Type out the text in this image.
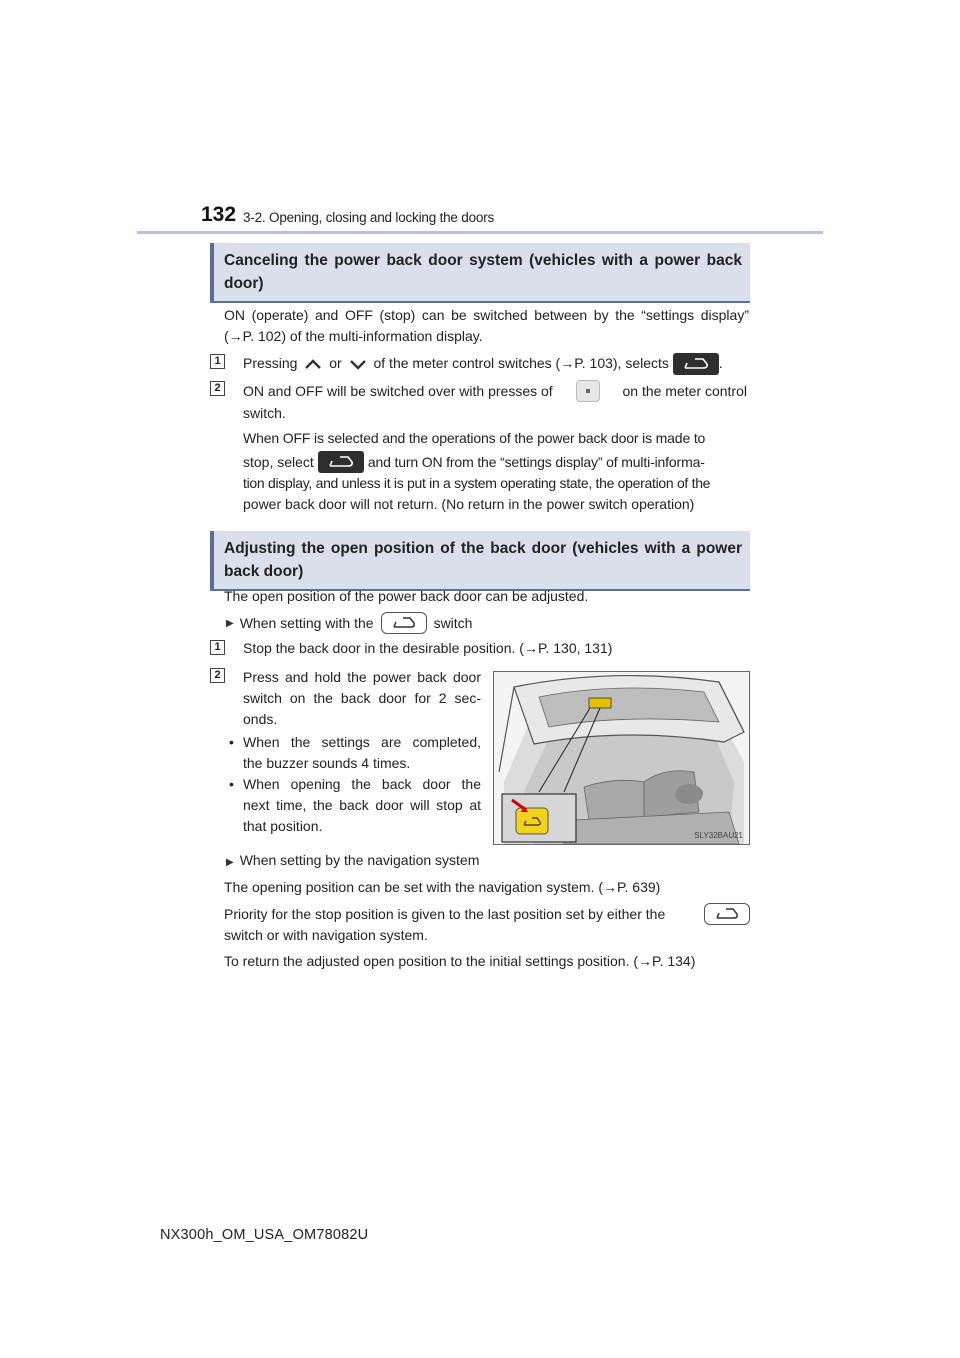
132 3-2. Opening, closing and locking the doors
Canceling the power back door system (vehicles with a power back door)
ON (operate) and OFF (stop) can be switched between by the “settings display”
(→P. 102) of the multi-information display.
1	Pressing or of the meter control switches (→P. 103), selects	.
2	ON and OFF will be switched over with presses of	on the meter control
switch.
When OFF is selected and the operations of the power back door is made to
stop, select	and turn ON from the “settings display” of multi-informa-
tion display, and unless it is put in a system operating state, the operation of the
power back door will not return. (No return in the power switch operation)
Adjusting the open position of the back door (vehicles with a power back door)
The open position of the power back door can be adjusted.
▶ When setting with the	switch
1	Stop the back door in the desirable position. (→P. 130, 131)
2	Press and hold the power back door
switch on the back door for 2 sec-
onds.
• When the settings are completed,
the buzzer sounds 4 times.
• When opening the back door the
next time, the back door will stop at
that position.
SLY32BAU21
▶ When setting by the navigation system
The opening position can be set with the navigation system. (→P. 639)
Priority for the stop position is given to the last position set by either the
switch or with navigation system.
To return the adjusted open position to the initial settings position. (→P. 134)
NX300h_OM_USA_OM78082U
